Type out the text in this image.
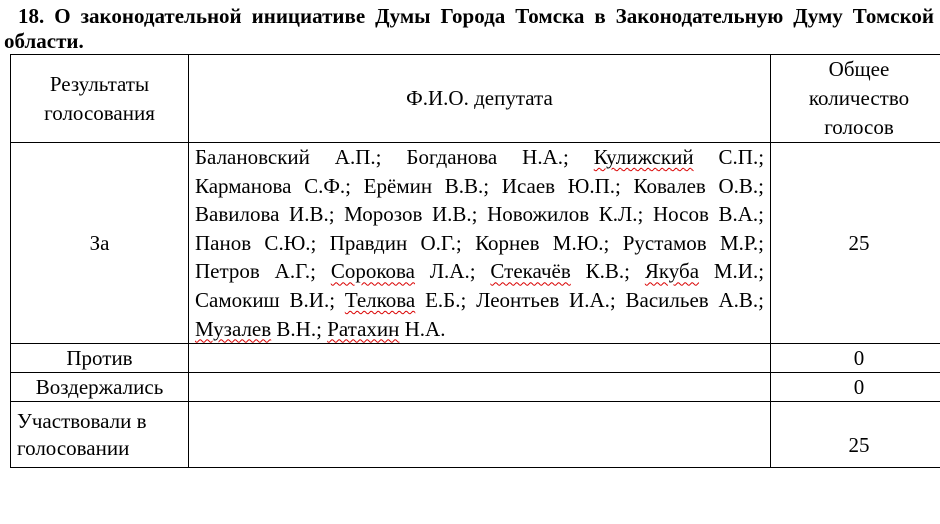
18. О законодательной инициативе Думы Города Томска в Законодательную Думу Томской области.
Результаты голосования	Ф.И.О. депутата	Общее количество голосов
За	Балановский А.П.; Богданова Н.А.; Кулижский С.П.; Карманова С.Ф.; Ерёмин В.В.; Исаев Ю.П.; Ковалев О.В.; Вавилова И.В.; Морозов И.В.; Новожилов К.Л.; Носов В.А.; Панов С.Ю.; Правдин О.Г.; Корнев М.Ю.; Рустамов М.Р.; Петров А.Г.; Сорокова Л.А.; Стекачёв К.В.; Якуба М.И.; Самокиш В.И.; Телкова Е.Б.; Леонтьев И.А.; Васильев А.В.; Музалев В.Н.; Ратахин Н.А.	25
Против		0
Воздержались		0
Участвовали в голосовании		25
